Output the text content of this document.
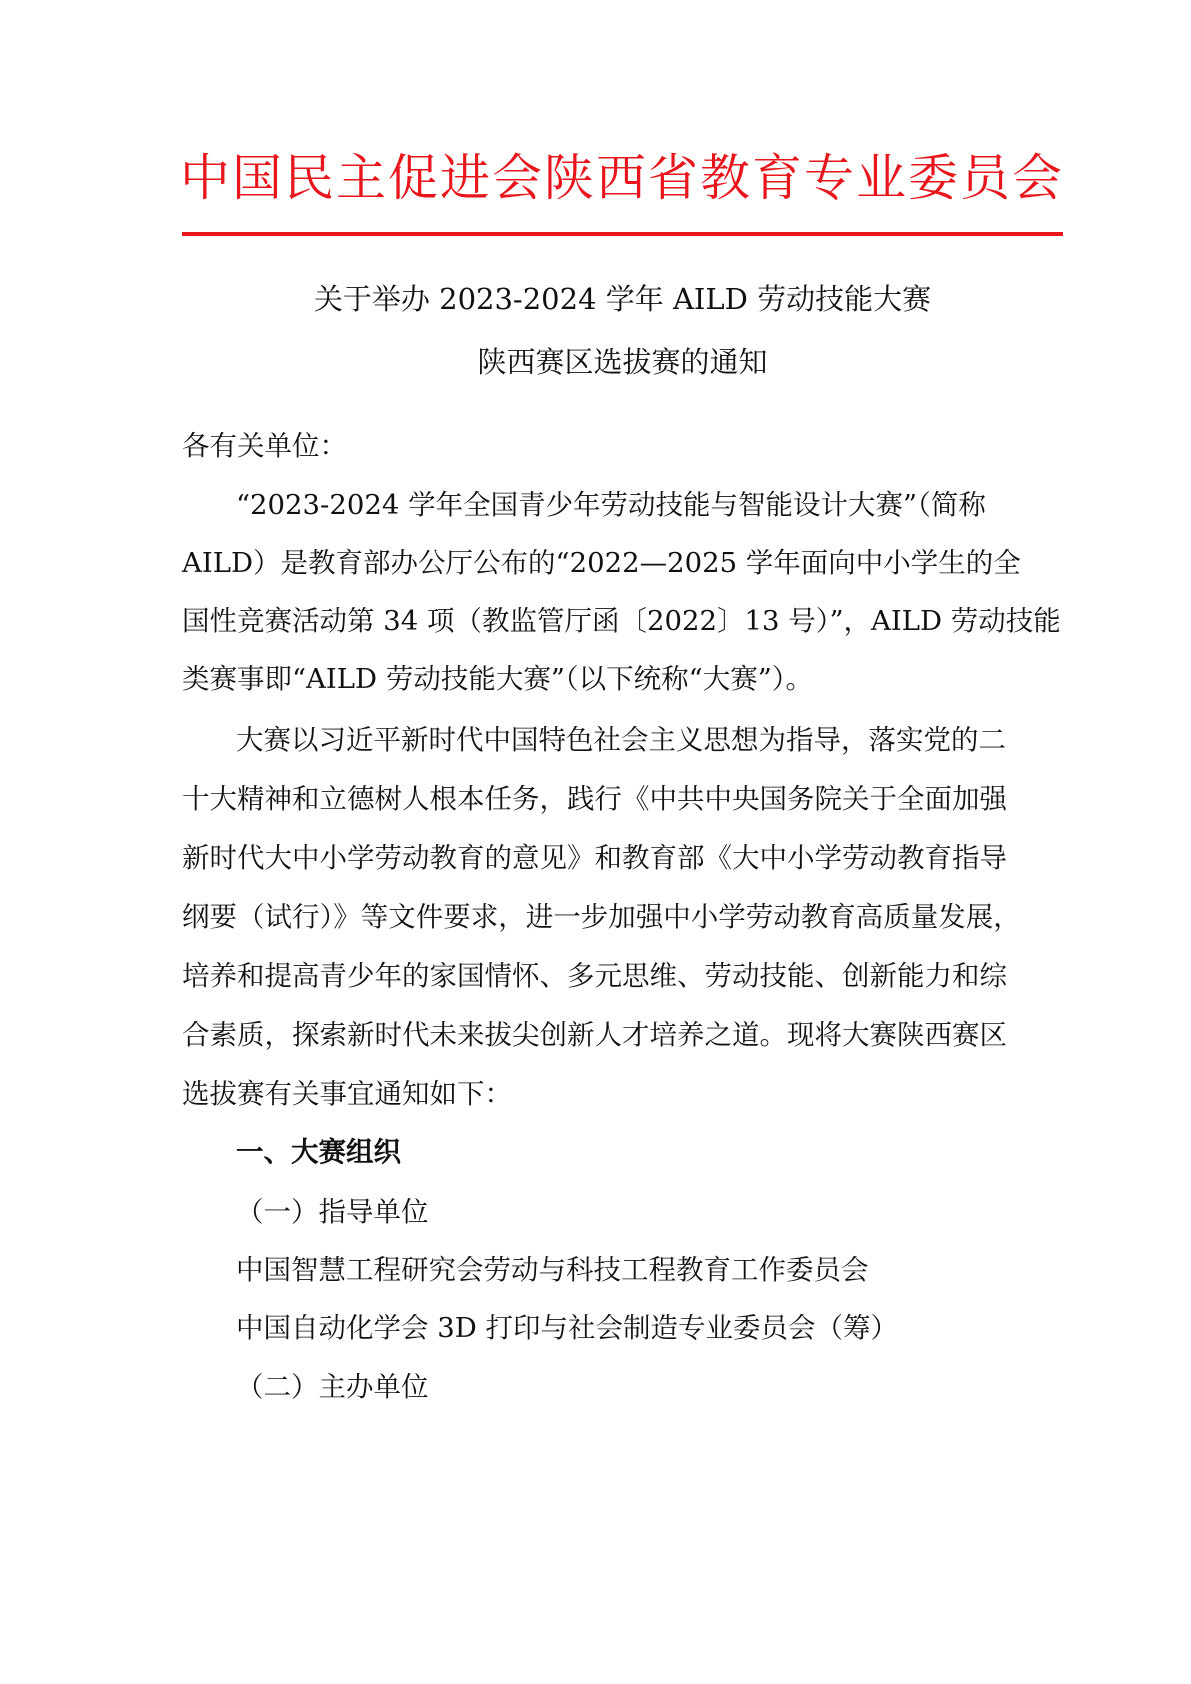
中国民主促进会陕西省教育专业委员会
关于举办 2023-2024 学年 AILD 劳动技能大赛
陕西赛区选拔赛的通知
各有关单位：
“2023-2024 学年全国青少年劳动技能与智能设计大赛”（简称
AILD）是教育部办公厅公布的“2022—2025 学年面向中小学生的全
国性竞赛活动第 34 项（教监管厅函〔2022〕13 号）”，AILD 劳动技能
类赛事即“AILD 劳动技能大赛”（以下统称“大赛”）。
大赛以习近平新时代中国特色社会主义思想为指导，落实党的二
十大精神和立德树人根本任务，践行《中共中央国务院关于全面加强
新时代大中小学劳动教育的意见》和教育部《大中小学劳动教育指导
纲要（试行）》等文件要求，进一步加强中小学劳动教育高质量发展，
培养和提高青少年的家国情怀、多元思维、劳动技能、创新能力和综
合素质，探索新时代未来拔尖创新人才培养之道。现将大赛陕西赛区
选拔赛有关事宜通知如下：
一、大赛组织
（一）指导单位
中国智慧工程研究会劳动与科技工程教育工作委员会
中国自动化学会 3D 打印与社会制造专业委员会（筹）
（二）主办单位
